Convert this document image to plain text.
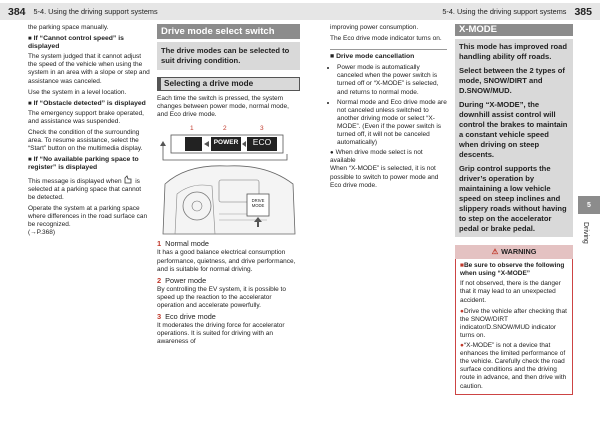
384 5-4. Using the driving support systems	5-4. Using the driving support systems 385

the parking space manually.

■ If “Cannot control speed” is displayed

The system judged that it cannot adjust the speed of the vehicle when using the system in an area with a slope or step and assistance was canceled.

Use the system in a level location.

■ If “Obstacle detected” is displayed

The emergency support brake operated, and assistance was suspended.

Check the condition of the surrounding area. To resume assistance, select the “Start” button on the multimedia display.

■ If “No available parking space to register” is displayed

This message is displayed when is selected at a parking space that cannot be detected.

Operate the system at a parking space where differences in the road surface can be recognized.
(→P.368)

Drive mode select switch
The drive modes can be selected to suit driving condition.
Selecting a drive mode

Each time the switch is pressed, the system changes between power mode, normal mode, and Eco drive mode.

1	2	3
POWER	ECO
DRIVE MODE
1 Normal mode

It has a good balance electrical consumption performance, quietness, and drive performance, and is suitable for normal driving.

2 Power mode

By controlling the EV system, it is possible to speed up the reaction to the accelerator operation and accelerate powerfully.

3 Eco drive mode

It moderates the driving force for accelerator operations. It is suited for driving with an awareness of

improving power consumption.

The Eco drive mode indicator turns on.

■ Drive mode cancellation
• Power mode is automatically canceled when the power switch is turned off or “X-MODE” is selected, and returns to normal mode.
• Normal mode and Eco drive mode are not canceled unless switched to another driving mode or select “X-MODE”. (Even if the power switch is turned off, it will not be canceled automatically)
● When drive mode select is not available

When “X-MODE” is selected, it is not possible to switch to power mode and Eco drive mode.

X-MODE

This mode has improved road handling ability off roads.

Select between the 2 types of mode, SNOW/DIRT and D.SNOW/MUD.

During “X-MODE”, the downhill assist control will control the brakes to maintain a constant vehicle speed when driving on steep descents.

Grip control supports the driver’s operation by maintaining a low vehicle speed on steep inclines and slippery roads without having to step on the accelerator pedal or brake pedal.

⚠ WARNING
■Be sure to observe the following when using “X-MODE”

If not observed, there is the danger that it may lead to an unexpected accident.

●Drive the vehicle after checking that the SNOW/DIRT indicator/D.SNOW/MUD indicator turns on.
●“X-MODE” is not a device that enhances the limited performance of the vehicle. Carefully check the road surface conditions and the driving route in advance, and then drive with caution.
5
Driving
